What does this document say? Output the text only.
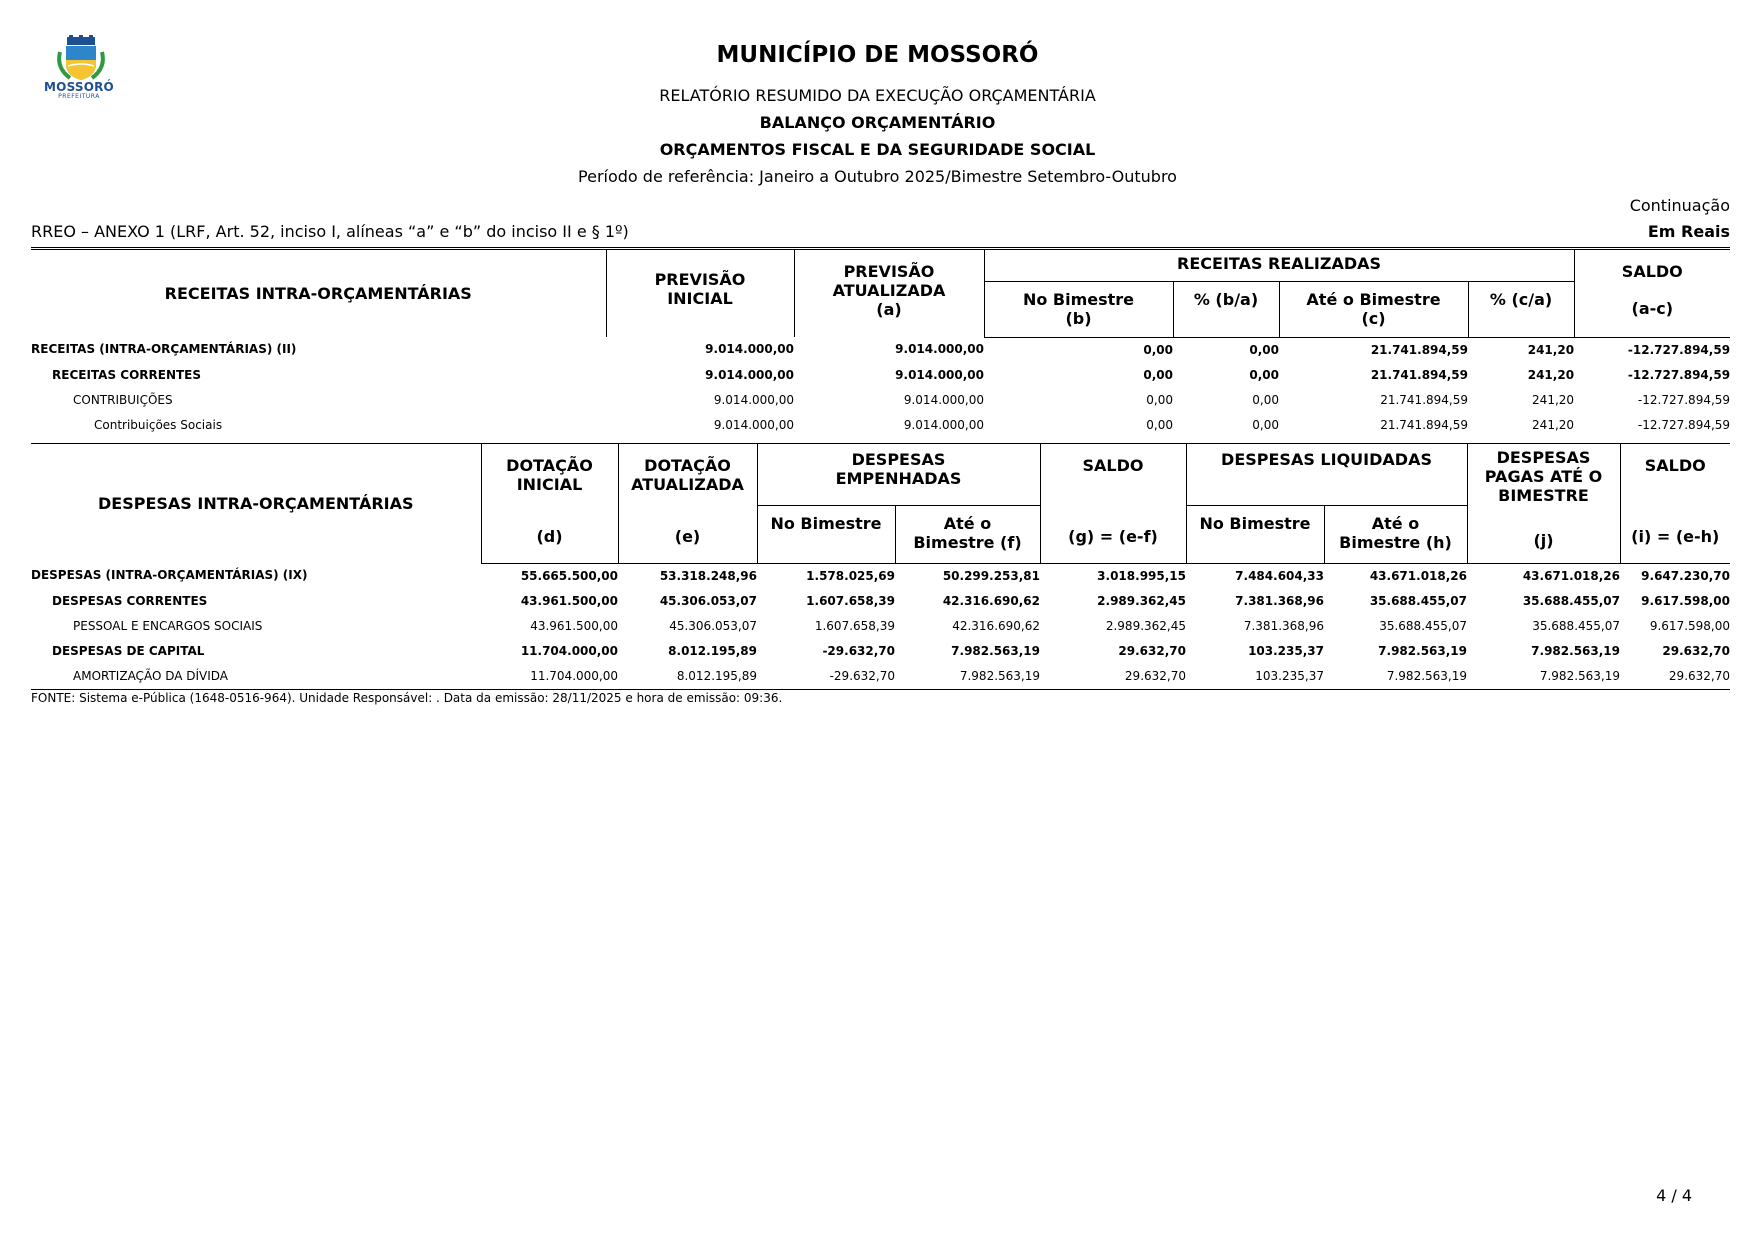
MOSSORÓ
PREFEITURA
MUNICÍPIO DE MOSSORÓ
RELATÓRIO RESUMIDO DA EXECUÇÃO ORÇAMENTÁRIA
BALANÇO ORÇAMENTÁRIO
ORÇAMENTOS FISCAL E DA SEGURIDADE SOCIAL
Período de referência: Janeiro a Outubro 2025/Bimestre Setembro-Outubro
Continuação
RREO – ANEXO 1 (LRF, Art. 52, inciso I, alíneas “a” e “b” do inciso II e § 1º)	Em Reais
RECEITAS INTRA-ORÇAMENTÁRIAS	PREVISÃO INICIAL	PREVISÃO ATUALIZADA (a)	RECEITAS REALIZADAS				SALDO
			No Bimestre (b)	% (b/a)	Até o Bimestre (c)	% (c/a)	(a-c)
RECEITAS (INTRA-ORÇAMENTÁRIAS) (II)	9.014.000,00	9.014.000,00	0,00	0,00	21.741.894,59	241,20	-12.727.894,59
RECEITAS CORRENTES	9.014.000,00	9.014.000,00	0,00	0,00	21.741.894,59	241,20	-12.727.894,59
CONTRIBUIÇÕES	9.014.000,00	9.014.000,00	0,00	0,00	21.741.894,59	241,20	-12.727.894,59
Contribuições Sociais	9.014.000,00	9.014.000,00	0,00	0,00	21.741.894,59	241,20	-12.727.894,59
DESPESAS INTRA-ORÇAMENTÁRIAS	DOTAÇÃO INICIAL	DOTAÇÃO ATUALIZADA	DESPESAS EMPENHADAS		SALDO	DESPESAS LIQUIDADAS		DESPESAS PAGAS ATÉ O BIMESTRE	SALDO
	(d)	(e)	No Bimestre	Até o Bimestre (f)	(g) = (e-f)	No Bimestre	Até o Bimestre (h)	(j)	(i) = (e-h)
DESPESAS (INTRA-ORÇAMENTÁRIAS) (IX)	55.665.500,00	53.318.248,96	1.578.025,69	50.299.253,81	3.018.995,15	7.484.604,33	43.671.018,26	43.671.018,26	9.647.230,70
DESPESAS CORRENTES	43.961.500,00	45.306.053,07	1.607.658,39	42.316.690,62	2.989.362,45	7.381.368,96	35.688.455,07	35.688.455,07	9.617.598,00
PESSOAL E ENCARGOS SOCIAIS	43.961.500,00	45.306.053,07	1.607.658,39	42.316.690,62	2.989.362,45	7.381.368,96	35.688.455,07	35.688.455,07	9.617.598,00
DESPESAS DE CAPITAL	11.704.000,00	8.012.195,89	-29.632,70	7.982.563,19	29.632,70	103.235,37	7.982.563,19	7.982.563,19	29.632,70
AMORTIZAÇÃO DA DÍVIDA	11.704.000,00	8.012.195,89	-29.632,70	7.982.563,19	29.632,70	103.235,37	7.982.563,19	7.982.563,19	29.632,70
FONTE: Sistema e-Pública (1648-0516-964). Unidade Responsável: . Data da emissão: 28/11/2025 e hora de emissão: 09:36.
4 / 4
